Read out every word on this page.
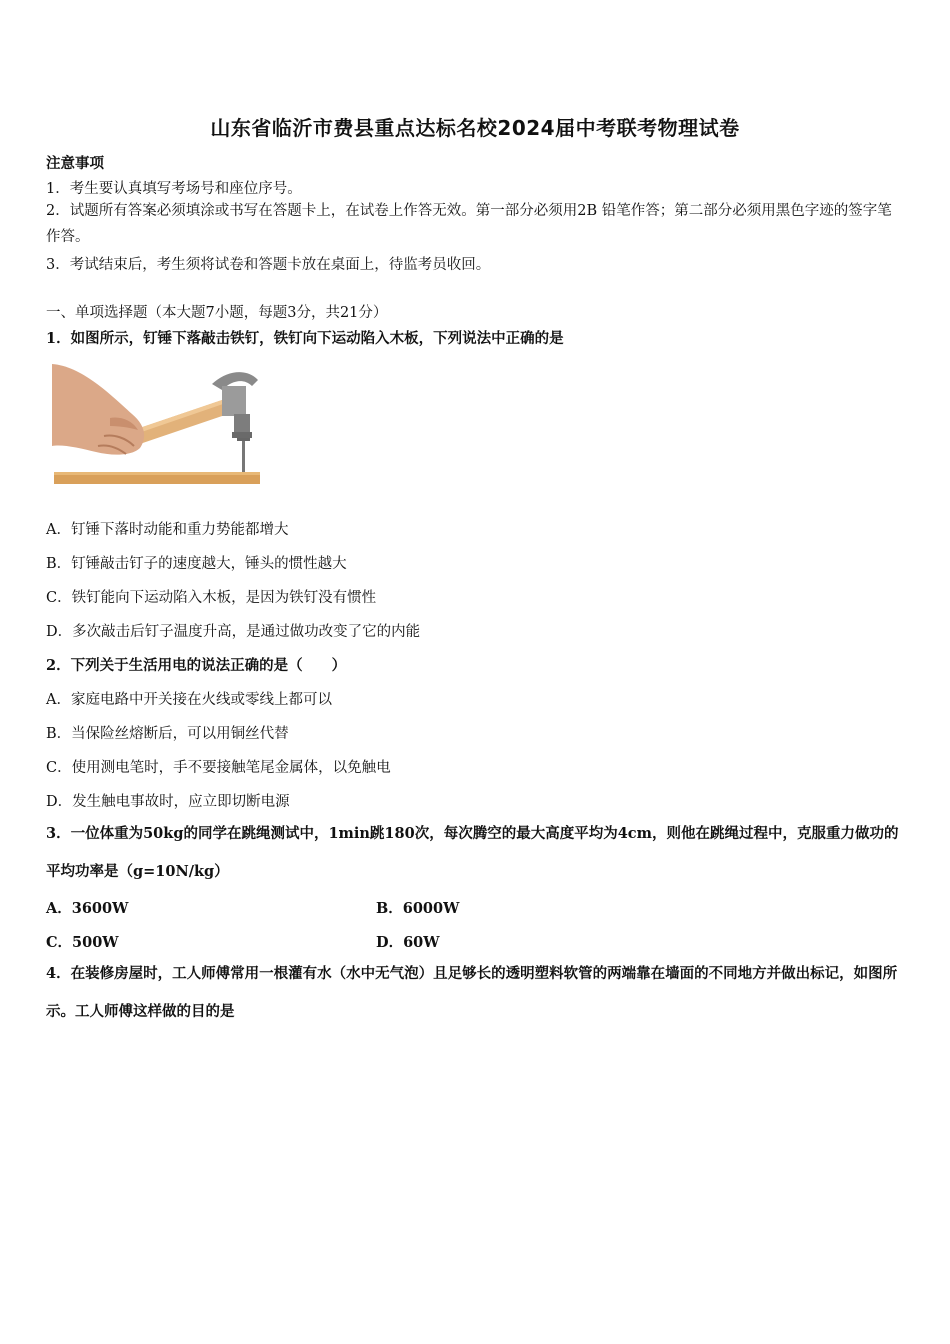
山东省临沂市费县重点达标名校2024届中考联考物理试卷
注意事项
1．考生要认真填写考场号和座位序号。
2．试题所有答案必须填涂或书写在答题卡上，在试卷上作答无效。第一部分必须用2B 铅笔作答；第二部分必须用黑色字迹的签字笔作答。
3．考试结束后，考生须将试卷和答题卡放在桌面上，待监考员收回。
一、单项选择题（本大题7小题，每题3分，共21分）
1．如图所示，钉锤下落敲击铁钉，铁钉向下运动陷入木板，下列说法中正确的是
A．钉锤下落时动能和重力势能都增大
B．钉锤敲击钉子的速度越大，锤头的惯性越大
C．铁钉能向下运动陷入木板，是因为铁钉没有惯性
D．多次敲击后钉子温度升高，是通过做功改变了它的内能
2．下列关于生活用电的说法正确的是（　　）
A．家庭电路中开关接在火线或零线上都可以
B．当保险丝熔断后，可以用铜丝代替
C．使用测电笔时，手不要接触笔尾金属体，以免触电
D．发生触电事故时，应立即切断电源
3．一位体重为50kg的同学在跳绳测试中，1min跳180次，每次腾空的最大高度平均为4cm，则他在跳绳过程中，克服重力做功的平均功率是（g=10N/kg）
A．3600W	B．6000W
C．500W	D．60W
4．在装修房屋时，工人师傅常用一根灌有水（水中无气泡）且足够长的透明塑料软管的两端靠在墙面的不同地方并做出标记，如图所示。工人师傅这样做的目的是
